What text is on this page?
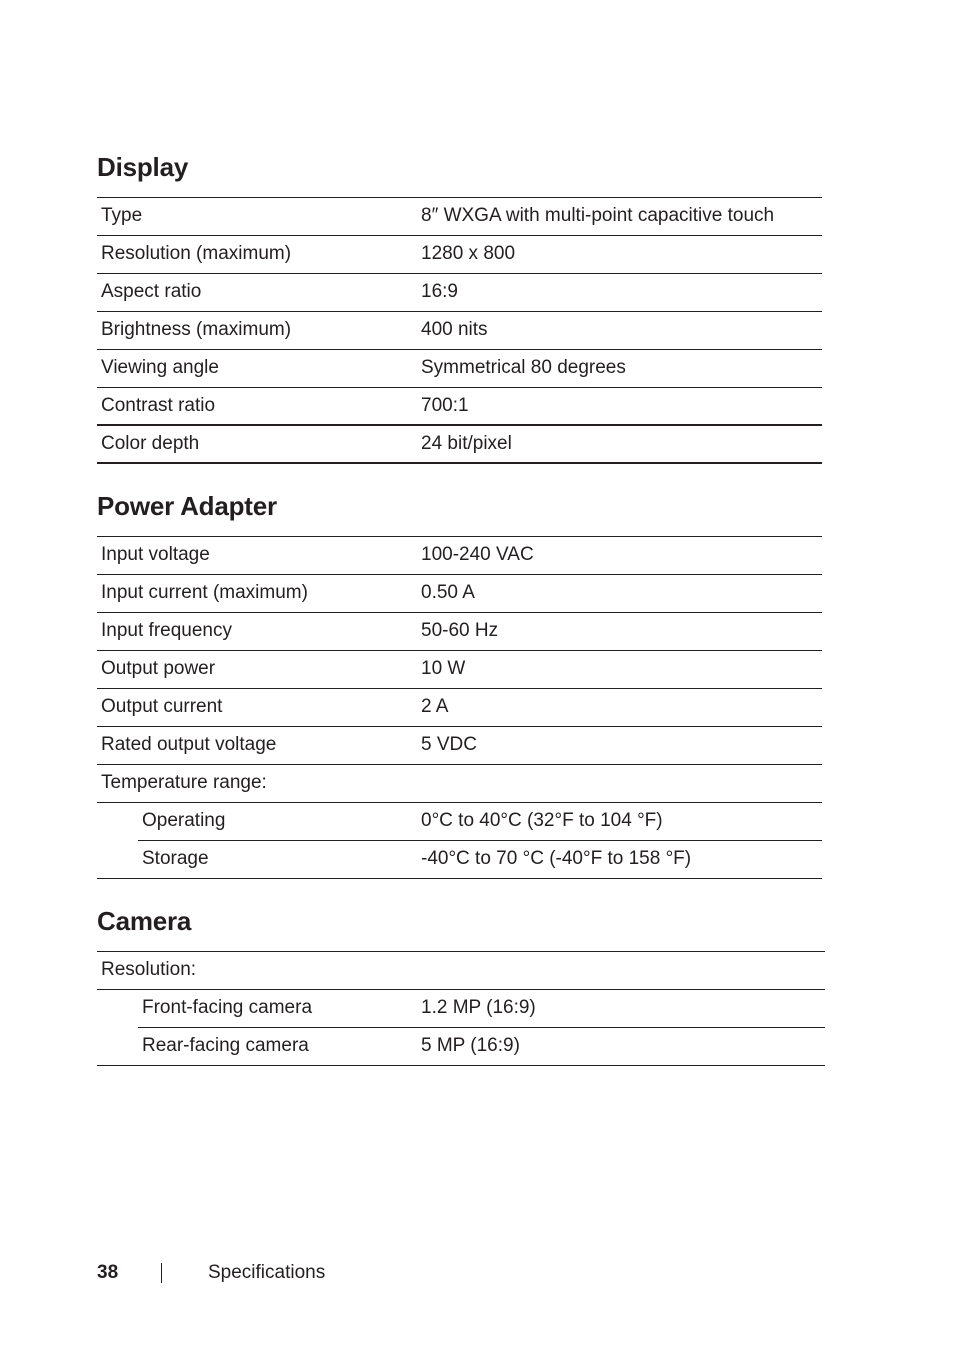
Display
Type	8″ WXGA with multi-point capacitive touch
Resolution (maximum)	1280 x 800
Aspect ratio	16:9
Brightness (maximum)	400 nits
Viewing angle	Symmetrical 80 degrees
Contrast ratio	700:1
Color depth	24 bit/pixel
Power Adapter
Input voltage	100-240 VAC
Input current (maximum)	0.50 A
Input frequency	50-60 Hz
Output power	10 W
Output current	2 A
Rated output voltage	5 VDC
Temperature range:
Operating	0°C to 40°C (32°F to 104 °F)
Storage	-40°C to 70 °C (-40°F to 158 °F)
Camera
Resolution:
Front-facing camera	1.2 MP (16:9)
Rear-facing camera	5 MP (16:9)
38	Specifications
